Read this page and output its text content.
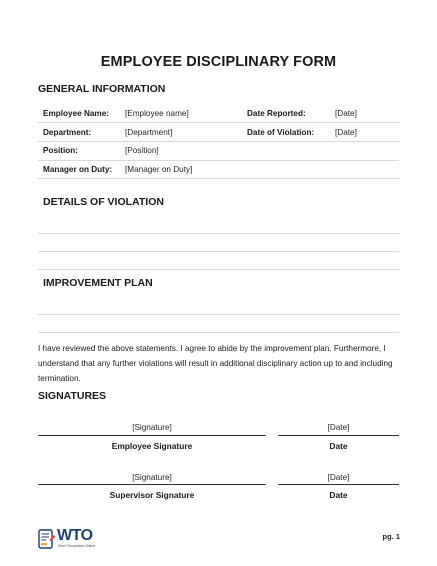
EMPLOYEE DISCIPLINARY FORM
GENERAL INFORMATION
Employee Name:	[Employee name]	Date Reported:	[Date]
Department:	[Department]	Date of Violation:	[Date]
Position:	[Position]		
Manager on Duty:	[Manager on Duty]		
DETAILS OF VIOLATION
IMPROVEMENT PLAN
I have reviewed the above statements. I agree to abide by the improvement plan. Furthermore, I understand that any further violations will result in additional disciplinary action up to and including termination.
SIGNATURES
[Signature]
Employee Signature
[Date]
Date
[Signature]
Supervisor Signature
[Date]
Date
WTO
Word Templates Online
pg. 1
